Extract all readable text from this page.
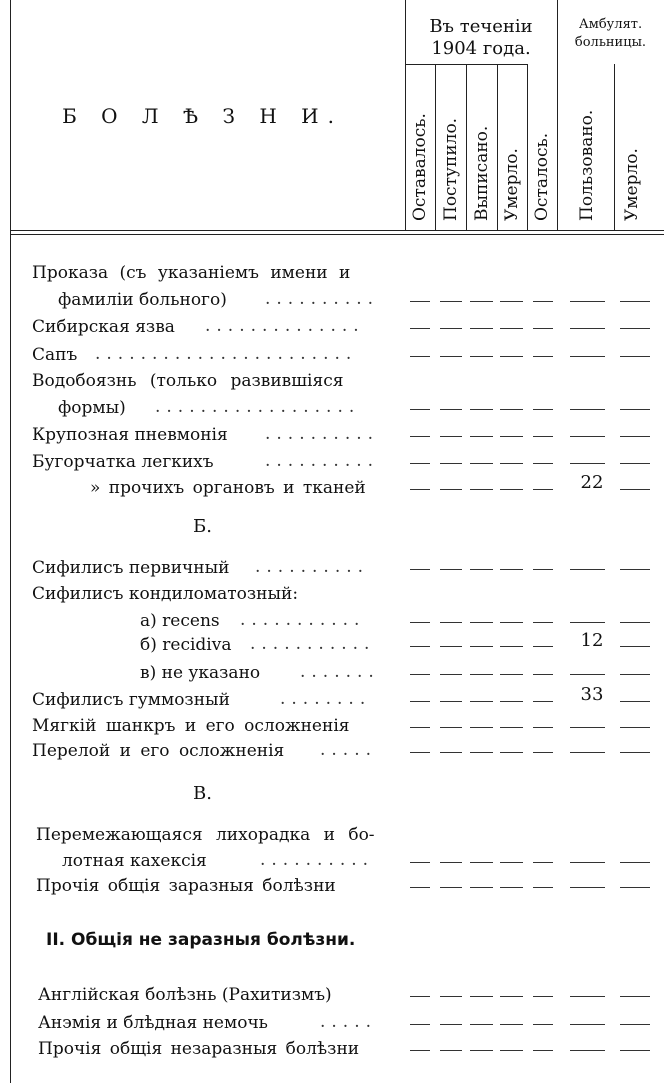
Б О Л Ѣ З Н И.
Въ теченіи
1904 года.
Амбулят.
больницы.
Оставалось. Поступило. Выписано. Умерло. Осталось. Пользовано. Умерло.
Проказа (съ указаніемъ имени и
фамиліи больного)
Сибирская язва
Сапъ
Водобоязнь (только развившіяся
формы)
Крупозная пневмонія
Бугорчатка легкихъ
» прочихъ органовъ и тканей
Б.
Сифилисъ первичный
Сифилисъ кондиломатозный:
а) recens
б) recidiva
в) не указано
Сифилисъ гуммозный
Мягкій шанкръ и его осложненія
Перелой и его осложненія
В.
Перемежающаяся лихорадка и бо-
лотная кахексія
Прочія общія заразныя болѣзни
II. Общія не заразныя болѣзни.
Англійская болѣзнь (Рахитизмъ)
Анэмія и блѣдная немочь
Прочія общія незаразныя болѣзни
22
12
33
..........
..............
.......................
..................
..........
..........
..........
...........
...........
.......
........
.....
..........
.....
